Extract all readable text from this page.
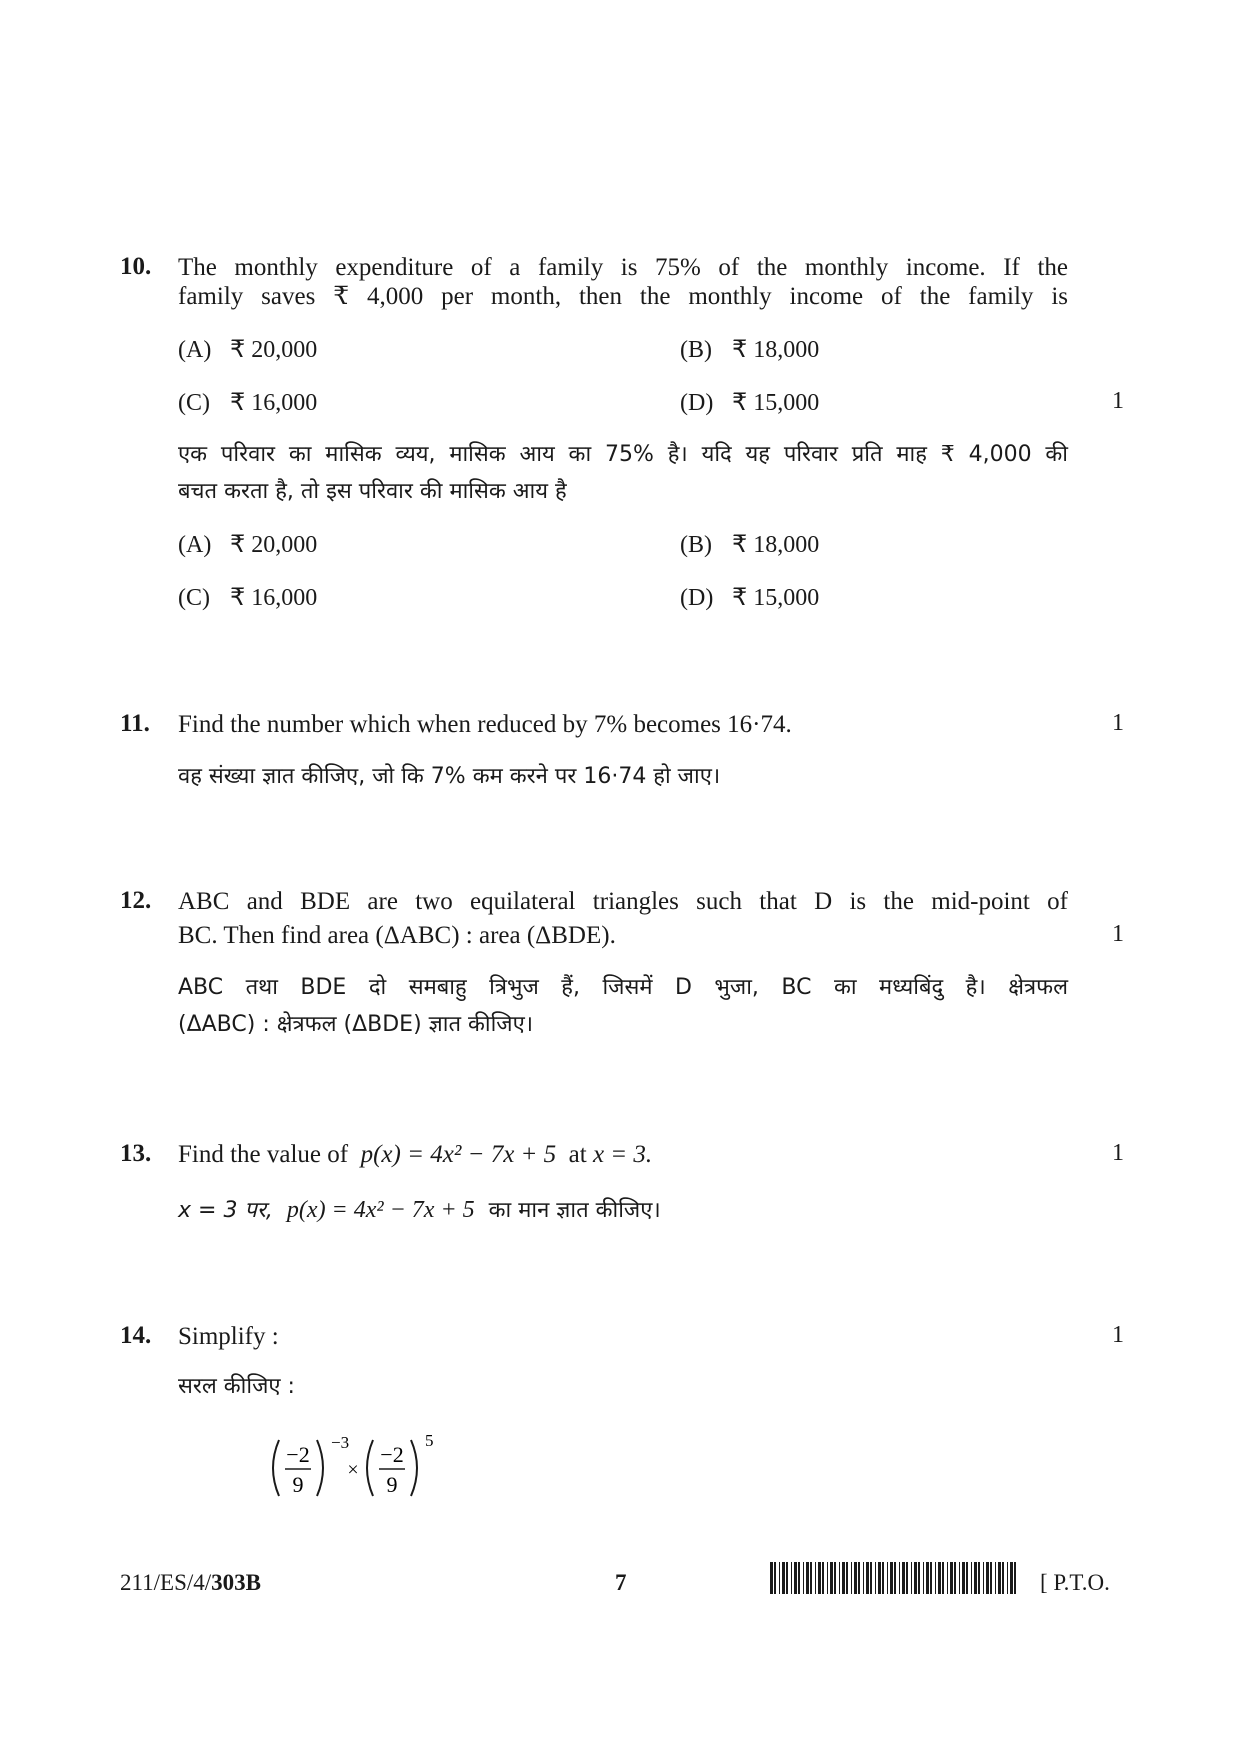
10. The monthly expenditure of a family is 75% of the monthly income. If the
family saves ₹ 4,000 per month, then the monthly income of the family is
(A) ₹ 20,000	(B) ₹ 18,000
(C) ₹ 16,000	(D) ₹ 15,000	1
एक परिवार का मासिक व्यय, मासिक आय का 75% है। यदि यह परिवार प्रति माह ₹ 4,000 की
बचत करता है, तो इस परिवार की मासिक आय है
(A) ₹ 20,000	(B) ₹ 18,000
(C) ₹ 16,000	(D) ₹ 15,000
11. Find the number which when reduced by 7% becomes 16·74.	1
वह संख्या ज्ञात कीजिए, जो कि 7% कम करने पर 16·74 हो जाए।
12. ABC and BDE are two equilateral triangles such that D is the mid-point of
BC. Then find area (ΔABC) : area (ΔBDE).	1
ABC तथा BDE दो समबाहु त्रिभुज हैं, जिसमें D भुजा, BC का मध्यबिंदु है। क्षेत्रफल
(ΔABC) : क्षेत्रफल (ΔBDE) ज्ञात कीजिए।
13. Find the value of p(x) = 4x² − 7x + 5 at x = 3.	1
x = 3 पर, p(x) = 4x² − 7x + 5 का मान ज्ञात कीजिए।
14. Simplify :	1
सरल कीजिए :
−2
9
−3
×
−2
9
5
211/ES/4/303B	7	[ P.T.O.
